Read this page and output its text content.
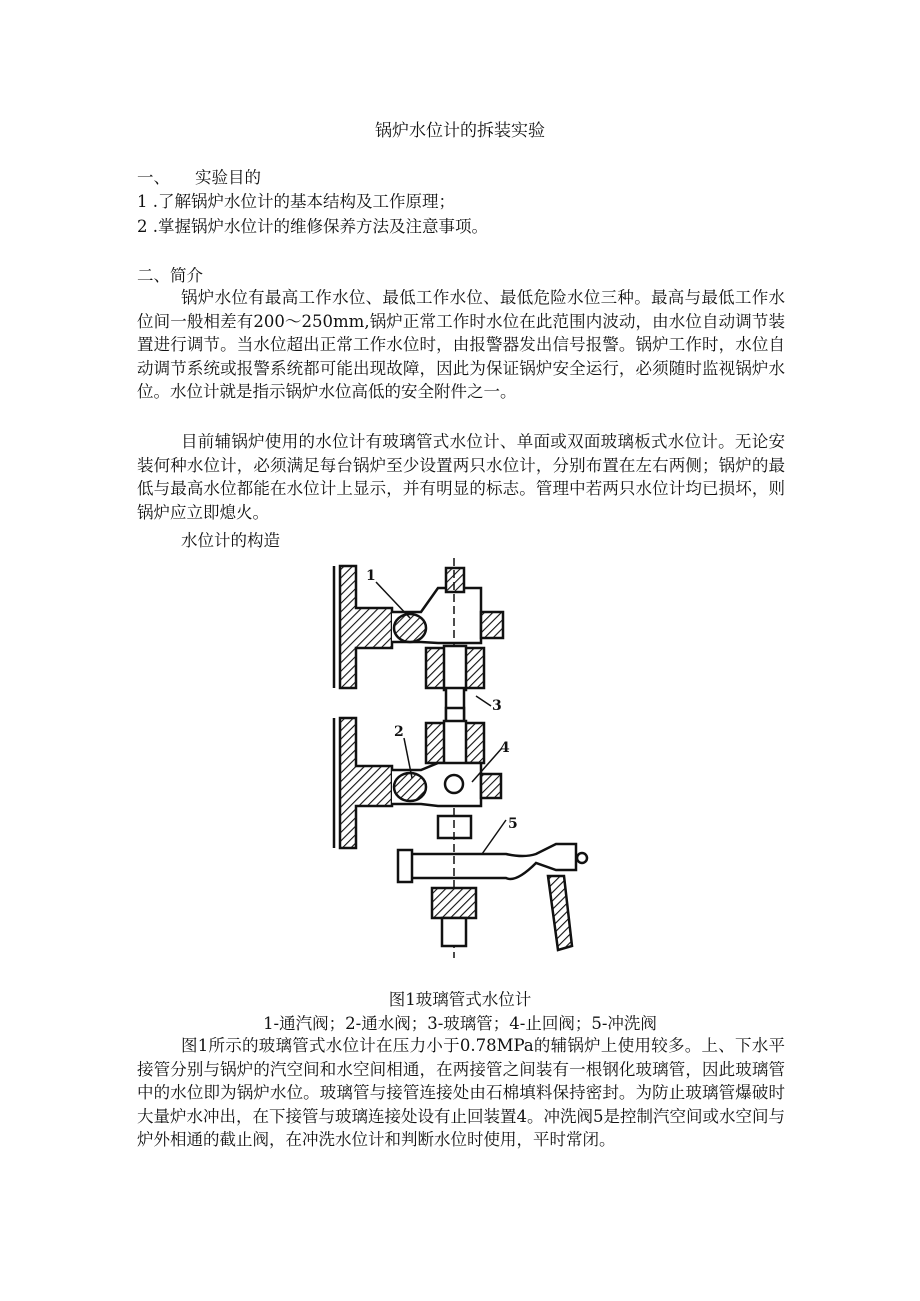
锅炉水位计的拆装实验
一、 实验目的
1 .了解锅炉水位计的基本结构及工作原理；
2 .掌握锅炉水位计的维修保养方法及注意事项。
二、简介
锅炉水位有最高工作水位、最低工作水位、最低危险水位三种。最高与最低工作水位间一般相差有200～250mm,锅炉正常工作时水位在此范围内波动，由水位自动调节装置进行调节。当水位超出正常工作水位时，由报警器发出信号报警。锅炉工作时，水位自动调节系统或报警系统都可能出现故障，因此为保证锅炉安全运行，必须随时监视锅炉水位。水位计就是指示锅炉水位高低的安全附件之一。
目前辅锅炉使用的水位计有玻璃管式水位计、单面或双面玻璃板式水位计。无论安装何种水位计，必须满足每台锅炉至少设置两只水位计，分别布置在左右两侧；锅炉的最低与最高水位都能在水位计上显示，并有明显的标志。管理中若两只水位计均已损坏，则锅炉应立即熄火。
水位计的构造
1
2
3
4
5
图1玻璃管式水位计
1-通汽阀；2-通水阀；3-玻璃管；4-止回阀；5-冲洗阀
图1所示的玻璃管式水位计在压力小于0.78MPa的辅锅炉上使用较多。上、下水平接管分别与锅炉的汽空间和水空间相通，在两接管之间装有一根钢化玻璃管，因此玻璃管中的水位即为锅炉水位。玻璃管与接管连接处由石棉填料保持密封。为防止玻璃管爆破时大量炉水冲出，在下接管与玻璃连接处设有止回装置4。冲洗阀5是控制汽空间或水空间与炉外相通的截止阀，在冲洗水位计和判断水位时使用，平时常闭。
